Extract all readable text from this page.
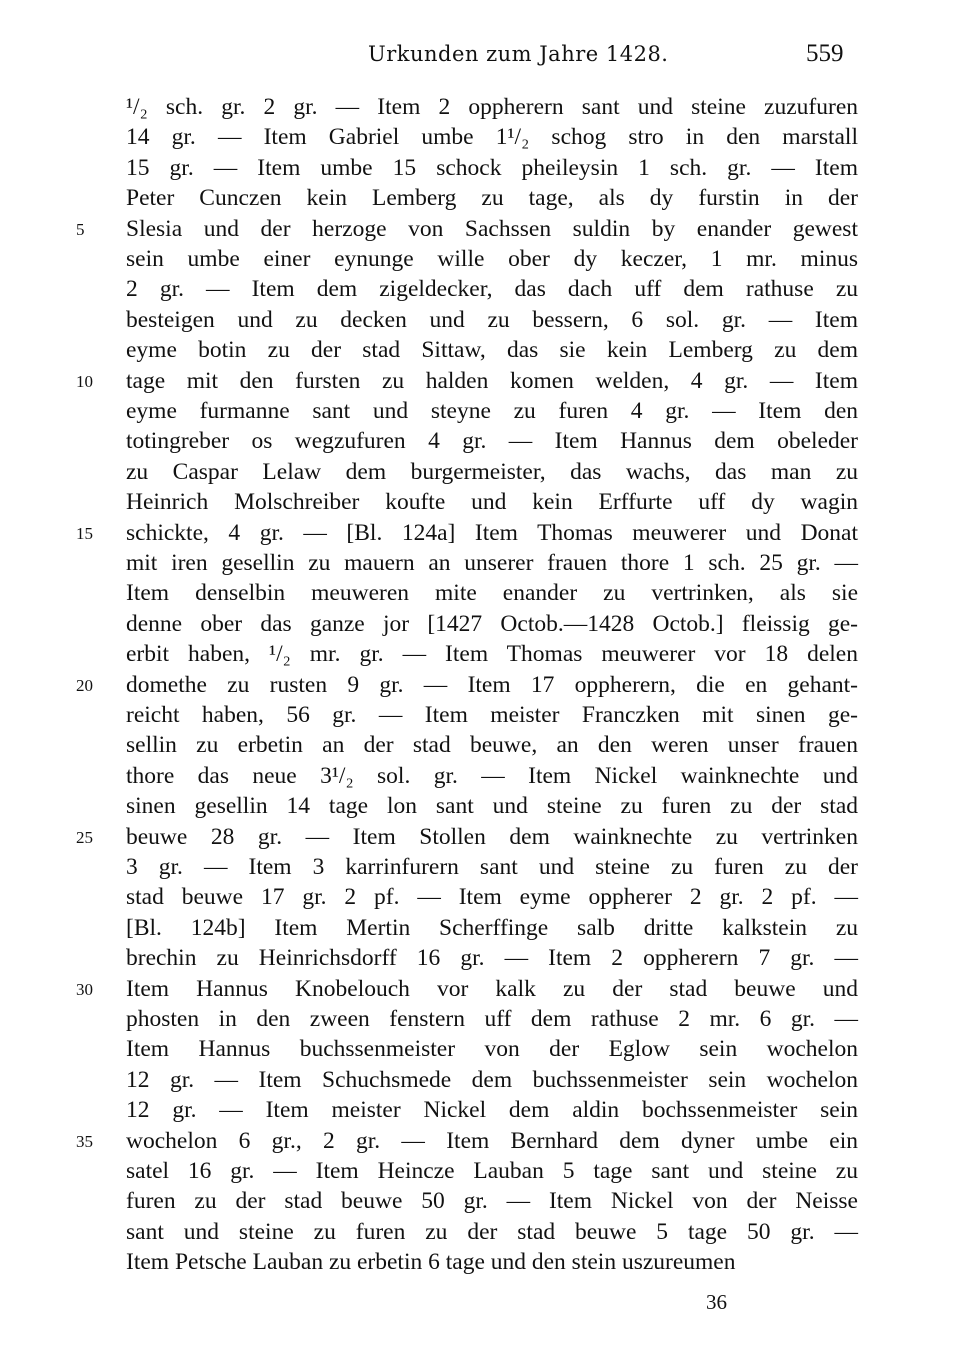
Urkunden zum Jahre 1428.	559
¹/₂ sch. gr. 2 gr. — Item 2 oppherern sant und steine zuzufuren
14 gr. — Item Gabriel umbe 1¹/₂ schog stro in den marstall
15 gr. — Item umbe 15 schock pheileysin 1 sch. gr. — Item
Peter Cunczen kein Lemberg zu tage, als dy furstin in der
Slesia und der herzoge von Sachssen suldin by enander gewest
sein umbe einer eynunge wille ober dy keczer, 1 mr. minus
2 gr. — Item dem zigeldecker, das dach uff dem rathuse zu
besteigen und zu decken und zu bessern, 6 sol. gr. — Item
eyme botin zu der stad Sittaw, das sie kein Lemberg zu dem
tage mit den fursten zu halden komen welden, 4 gr. — Item
eyme furmanne sant und steyne zu furen 4 gr. — Item den
totingreber os wegzufuren 4 gr. — Item Hannus dem obeleder
zu Caspar Lelaw dem burgermeister, das wachs, das man zu
Heinrich Molschreiber koufte und kein Erffurte uff dy wagin
schickte, 4 gr. — [Bl. 124a] Item Thomas meuwerer und Donat
mit iren gesellin zu mauern an unserer frauen thore 1 sch. 25 gr. —
Item denselbin meuweren mite enander zu vertrinken, als sie
denne ober das ganze jor [1427 Octob.—1428 Octob.] fleissig ge-
erbit haben, ¹/₂ mr. gr. — Item Thomas meuwerer vor 18 delen
domethe zu rusten 9 gr. — Item 17 oppherern, die en gehant-
reicht haben, 56 gr. — Item meister Franczken mit sinen ge-
sellin zu erbetin an der stad beuwe, an den weren unser frauen
thore das neue 3¹/₂ sol. gr. — Item Nickel wainknechte und
sinen gesellin 14 tage lon sant und steine zu furen zu der stad
beuwe 28 gr. — Item Stollen dem wainknechte zu vertrinken
3 gr. — Item 3 karrinfurern sant und steine zu furen zu der
stad beuwe 17 gr. 2 pf. — Item eyme oppherer 2 gr. 2 pf. —
[Bl. 124b] Item Mertin Scherffinge salb dritte kalkstein zu
brechin zu Heinrichsdorff 16 gr. — Item 2 oppherern 7 gr. —
Item Hannus Knobelouch vor kalk zu der stad beuwe und
phosten in den zween fenstern uff dem rathuse 2 mr. 6 gr. —
Item Hannus buchssenmeister von der Eglow sein wochelon
12 gr. — Item Schuchsmede dem buchssenmeister sein wochelon
12 gr. — Item meister Nickel dem aldin bochssenmeister sein
wochelon 6 gr., 2 gr. — Item Bernhard dem dyner umbe ein
satel 16 gr. — Item Heincze Lauban 5 tage sant und steine zu
furen zu der stad beuwe 50 gr. — Item Nickel von der Neisse
sant und steine zu furen zu der stad beuwe 5 tage 50 gr. —
Item Petsche Lauban zu erbetin 6 tage und den stein uszureumen
5
10
15
20
25
30
35
36
